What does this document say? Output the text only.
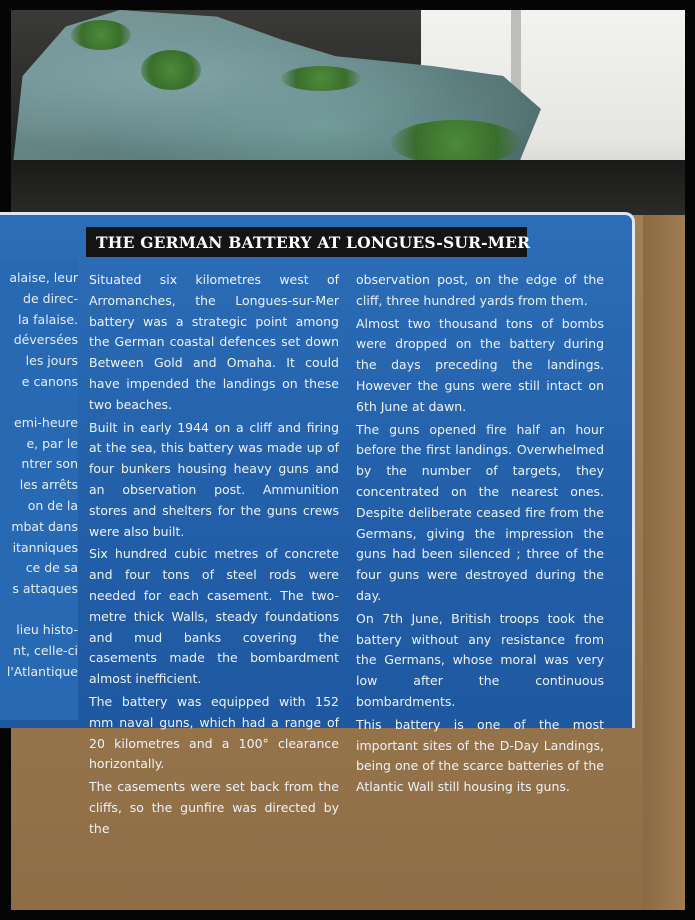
alaise, leur
de direc-
la falaise.
déversées
les jours
e canons
emi-heure
e, par le
ntrer son
les arrêts
on de la
mbat dans
itanniques
ce de sa
s attaques
lieu histo-
nt, celle-ci
l'Atlantique
THE GERMAN BATTERY AT LONGUES-SUR-MER

Situated six kilometres west of Arromanches, the Longues-sur-Mer battery was a strategic point among the German coastal defences set down Between Gold and Omaha. It could have impended the landings on these two beaches.

Built in early 1944 on a cliff and firing at the sea, this battery was made up of four bunkers housing heavy guns and an observation post. Ammunition stores and shelters for the guns crews were also built.

Six hundred cubic metres of concrete and four tons of steel rods were needed for each casement. The two-metre thick Walls, steady foundations and mud banks covering the casements made the bombardment almost inefficient.

The battery was equipped with 152 mm naval guns, which had a range of 20 kilometres and a 100° clearance horizontally.

The casements were set back from the cliffs, so the gunfire was directed by the

observation post, on the edge of the cliff, three hundred yards from them.

Almost two thousand tons of bombs were dropped on the battery during the days preceding the landings. However the guns were still intact on 6th June at dawn.

The guns opened fire half an hour before the first landings. Overwhelmed by the number of targets, they concentrated on the nearest ones. Despite deliberate ceased fire from the Germans, giving the impression the guns had been silenced ; three of the four guns were destroyed during the day.

On 7th June, British troops took the battery without any resistance from the Germans, whose moral was very low after the continuous bombardments.

This battery is one of the most important sites of the D-Day Landings, being one of the scarce batteries of the Atlantic Wall still housing its guns.
